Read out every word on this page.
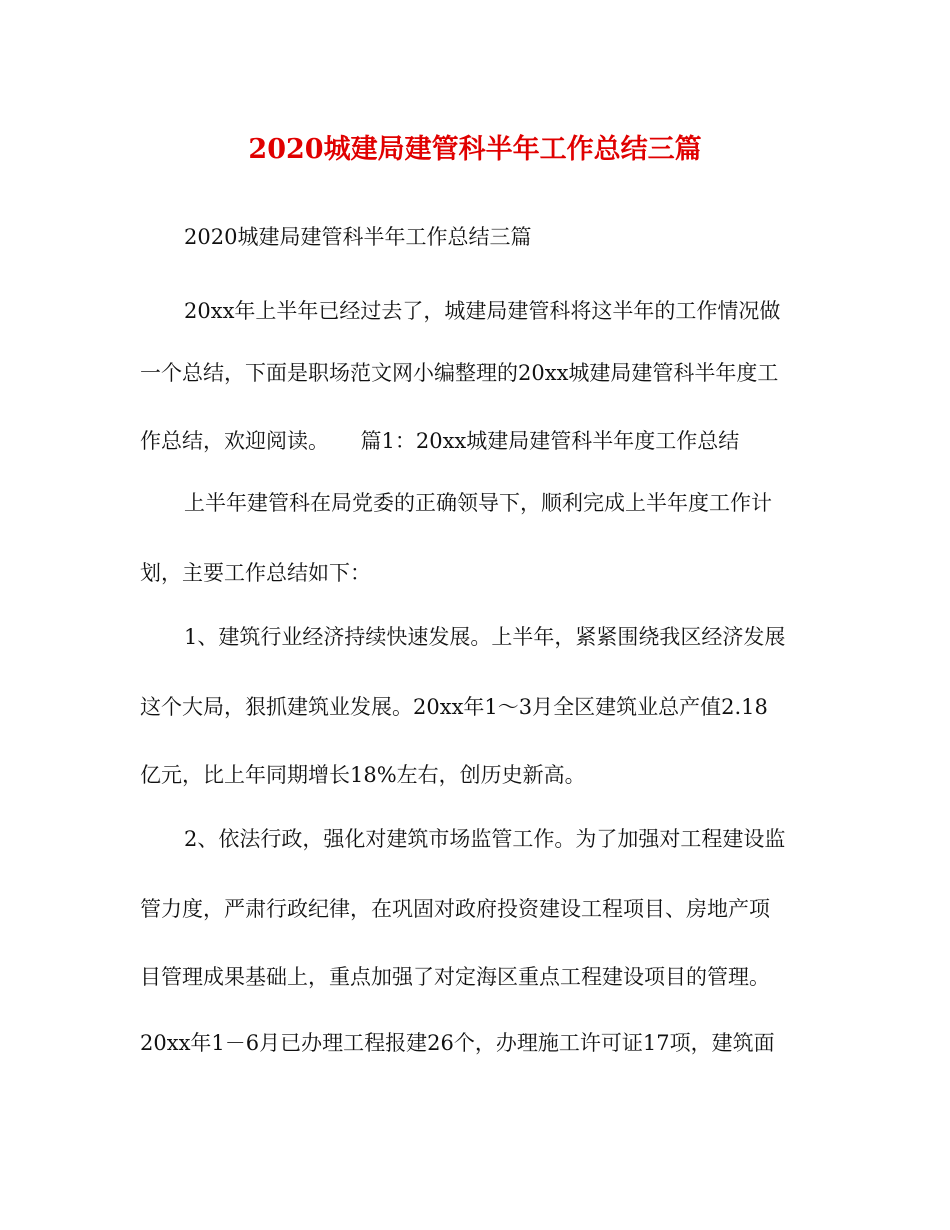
2020城建局建管科半年工作总结三篇
2020城建局建管科半年工作总结三篇
20xx年上半年已经过去了，城建局建管科将这半年的工作情况做
一个总结，下面是职场范文网小编整理的20xx城建局建管科半年度工
作总结，欢迎阅读。　　篇1：20xx城建局建管科半年度工作总结
上半年建管科在局党委的正确领导下，顺利完成上半年度工作计
划，主要工作总结如下：
1、建筑行业经济持续快速发展。上半年，紧紧围绕我区经济发展
这个大局，狠抓建筑业发展。20xx年1～3月全区建筑业总产值2.18
亿元，比上年同期增长18%左右，创历史新高。
2、依法行政，强化对建筑市场监管工作。为了加强对工程建设监
管力度，严肃行政纪律，在巩固对政府投资建设工程项目、房地产项
目管理成果基础上，重点加强了对定海区重点工程建设项目的管理。
20xx年1－6月已办理工程报建26个，办理施工许可证17项，建筑面
